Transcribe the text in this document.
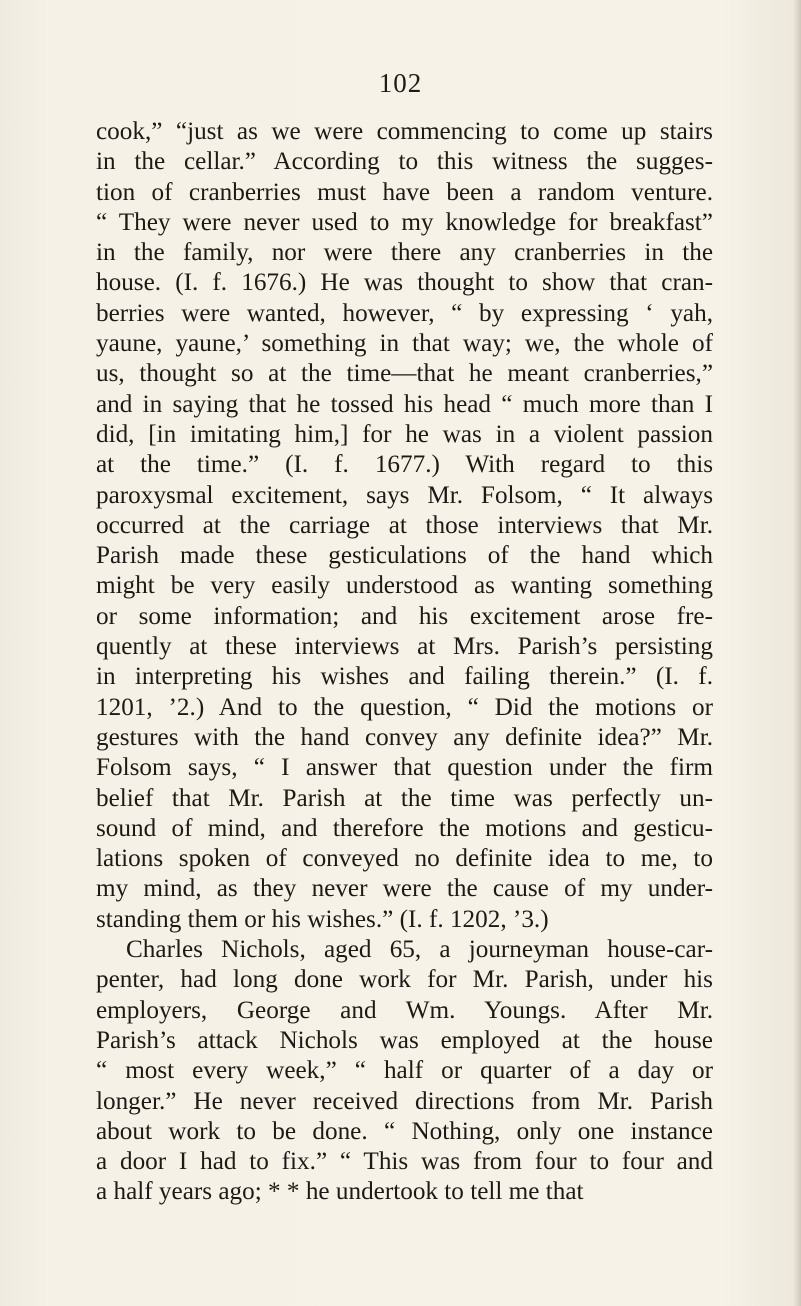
102
cook,” “just as we were commencing to come up stairs
in the cellar.” According to this witness the sugges-
tion of cranberries must have been a random venture.
“ They were never used to my knowledge for breakfast”
in the family, nor were there any cranberries in the
house. (I. f. 1676.) He was thought to show that cran-
berries were wanted, however, “ by expressing ‘ yah,
yaune, yaune,’ something in that way; we, the whole of
us, thought so at the time—that he meant cranberries,”
and in saying that he tossed his head “ much more than I
did, [in imitating him,] for he was in a violent passion
at the time.” (I. f. 1677.) With regard to this
paroxysmal excitement, says Mr. Folsom, “ It always
occurred at the carriage at those interviews that Mr.
Parish made these gesticulations of the hand which
might be very easily understood as wanting something
or some information; and his excitement arose fre-
quently at these interviews at Mrs. Parish’s persisting
in interpreting his wishes and failing therein.” (I. f.
1201, ’2.) And to the question, “ Did the motions or
gestures with the hand convey any definite idea?” Mr.
Folsom says, “ I answer that question under the firm
belief that Mr. Parish at the time was perfectly un-
sound of mind, and therefore the motions and gesticu-
lations spoken of conveyed no definite idea to me, to
my mind, as they never were the cause of my under-
standing them or his wishes.” (I. f. 1202, ’3.)
Charles Nichols, aged 65, a journeyman house-car-
penter, had long done work for Mr. Parish, under his
employers, George and Wm. Youngs. After Mr.
Parish’s attack Nichols was employed at the house
“ most every week,” “ half or quarter of a day or
longer.” He never received directions from Mr. Parish
about work to be done. “ Nothing, only one instance
a door I had to fix.” “ This was from four to four and
a half years ago; * * he undertook to tell me that
